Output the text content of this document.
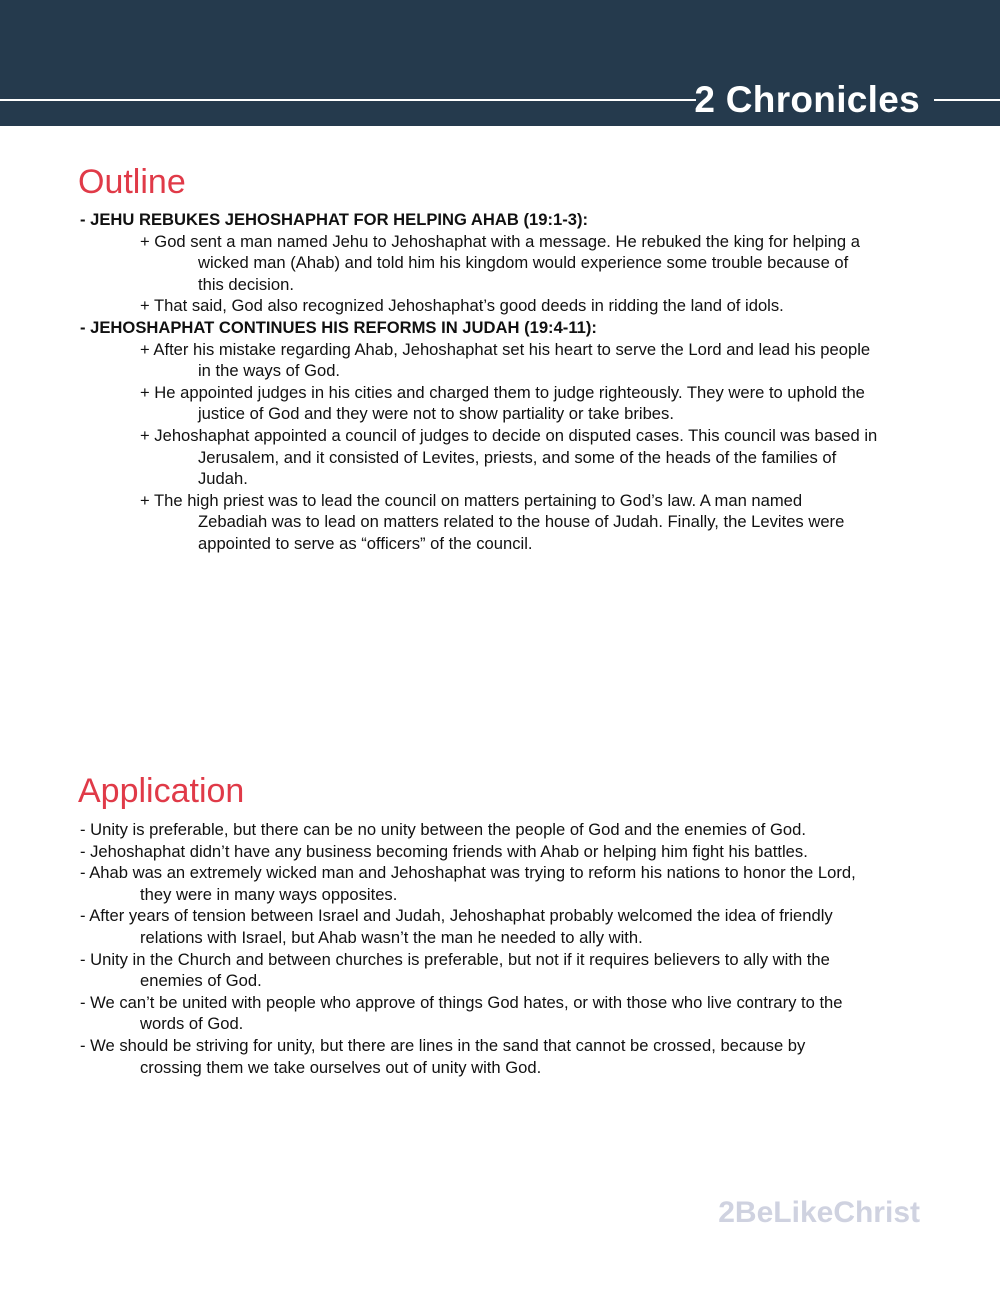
2 Chronicles
Outline
- JEHU REBUKES JEHOSHAPHAT FOR HELPING AHAB (19:1-3):
+ God sent a man named Jehu to Jehoshaphat with a message. He rebuked the king for helping a
wicked man (Ahab) and told him his kingdom would experience some trouble because of
this decision.
+ That said, God also recognized Jehoshaphat’s good deeds in ridding the land of idols.
- JEHOSHAPHAT CONTINUES HIS REFORMS IN JUDAH (19:4-11):
+ After his mistake regarding Ahab, Jehoshaphat set his heart to serve the Lord and lead his people
in the ways of God.
+ He appointed judges in his cities and charged them to judge righteously. They were to uphold the
justice of God and they were not to show partiality or take bribes.
+ Jehoshaphat appointed a council of judges to decide on disputed cases. This council was based in
Jerusalem, and it consisted of Levites, priests, and some of the heads of the families of
Judah.
+ The high priest was to lead the council on matters pertaining to God’s law. A man named
Zebadiah was to lead on matters related to the house of Judah. Finally, the Levites were
appointed to serve as “officers” of the council.
Application
- Unity is preferable, but there can be no unity between the people of God and the enemies of God.
- Jehoshaphat didn’t have any business becoming friends with Ahab or helping him fight his battles.
- Ahab was an extremely wicked man and Jehoshaphat was trying to reform his nations to honor the Lord,
they were in many ways opposites.
- After years of tension between Israel and Judah, Jehoshaphat probably welcomed the idea of friendly
relations with Israel, but Ahab wasn’t the man he needed to ally with.
- Unity in the Church and between churches is preferable, but not if it requires believers to ally with the
enemies of God.
- We can’t be united with people who approve of things God hates, or with those who live contrary to the
words of God.
- We should be striving for unity, but there are lines in the sand that cannot be crossed, because by
crossing them we take ourselves out of unity with God.
2BeLikeChrist
